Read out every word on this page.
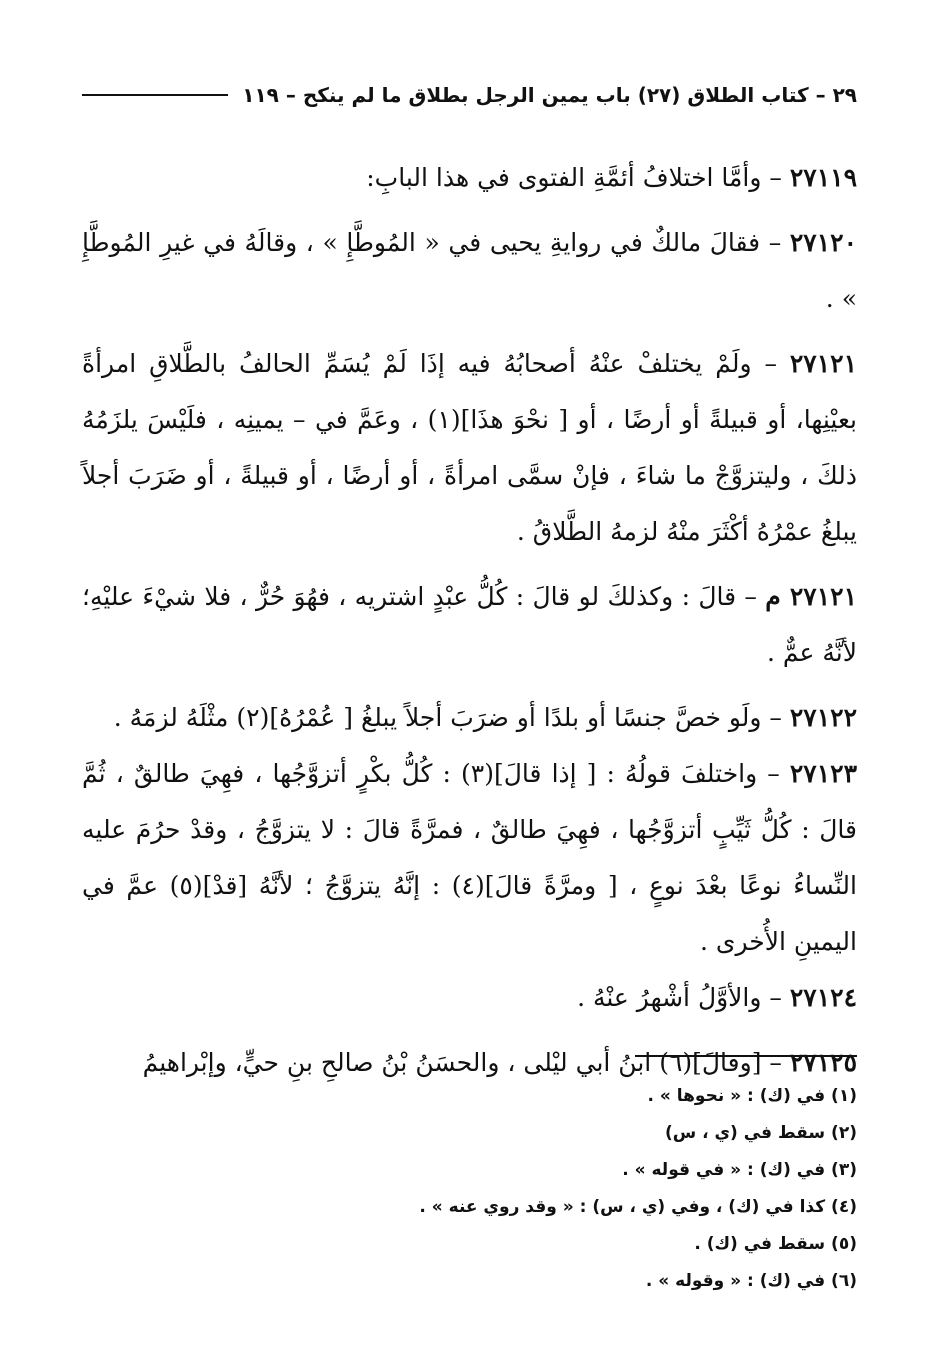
٢٩ – كتاب الطلاق (٢٧) باب يمين الرجل بطلاق ما لم ينكح – ١١٩

٢٧١١٩ – وأمَّا اختلافُ أئمَّةِ الفتوى في هذا البابِ:

٢٧١٢٠ – فقالَ مالكٌ في روايةِ يحيى في « المُوطَّإِ » ، وقالَهُ في غيرِ المُوطَّإِ » .

٢٧١٢١ – ولَمْ يختلفْ عنْهُ أصحابُهُ فيه إذَا لَمْ يُسَمِّ الحالفُ بالطَّلاقِ امرأةً بعيْنِها، أو قبيلةً أو أرضًا ، أو [ نحْوَ هذَا](١) ، وعَمَّ في – يمينِه ، فلَيْسَ يلزَمُهُ ذلكَ ، وليتزوَّجْ ما شاءَ ، فإنْ سمَّى امرأةً ، أو أرضًا ، أو قبيلةً ، أو ضَرَبَ أجلاً يبلغُ عمْرُهُ أكْثَرَ منْهُ لزمهُ الطَّلاقُ .

٢٧١٢١ م – قالَ : وكذلكَ لو قالَ : كُلُّ عبْدٍ اشتريه ، فهُوَ حُرٌّ ، فلا شيْءَ عليْهِ؛ لأنَّهُ عمٌّ .

٢٧١٢٢ – ولَو خصَّ جنسًا أو بلدًا أو ضرَبَ أجلاً يبلغُ [ عُمْرُهُ](٢) مثْلَهُ لزمَهُ .

٢٧١٢٣ – واختلفَ قولُهُ : [ إذا قالَ](٣) : كُلُّ بكْرٍ أتزوَّجُها ، فهِيَ طالقٌ ، ثُمَّ قالَ : كُلُّ ثَيِّبٍ أتزوَّجُها ، فهِيَ طالقٌ ، فمرَّةً قالَ : لا يتزوَّجُ ، وقدْ حرُمَ عليه النِّساءُ نوعًا بعْدَ نوعٍ ، [ ومرَّةً قالَ](٤) : إنَّهُ يتزوَّجُ ؛ لأنَّهُ [قدْ](٥) عمَّ في اليمينِ الأُخرى .

٢٧١٢٤ – والأوَّلُ أشْهرُ عنْهُ .

٢٧١٢٥ – [وقالَ](٦) ابنُ أبي ليْلى ، والحسَنُ بْنُ صالحِ بنِ حيٍّ، وإبْراهيمُ

(١) في (ك) : « نحوها » .

(٢) سقط في (ي ، س)

(٣) في (ك) : « في قوله » .

(٤) كذا في (ك) ، وفي (ي ، س) : « وقد روي عنه » .

(٥) سقط في (ك) .

(٦) في (ك) : « وقوله » .
